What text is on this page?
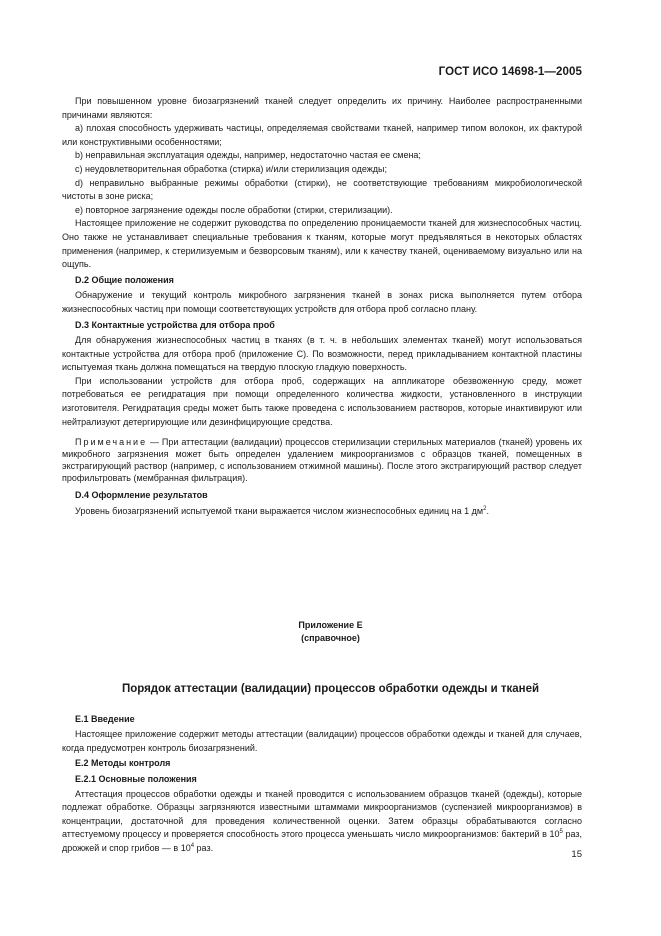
ГОСТ ИСО 14698-1—2005

При повышенном уровне биозагрязнений тканей следует определить их причину. Наиболее распространенными причинами являются:

а) плохая способность удерживать частицы, определяемая свойствами тканей, например типом волокон, их фактурой или конструктивными особенностями;

b) неправильная эксплуатация одежды, например, недостаточно частая ее смена;

c) неудовлетворительная обработка (стирка) и/или стерилизация одежды;

d) неправильно выбранные режимы обработки (стирки), не соответствующие требованиям микробиологической чистоты в зоне риска;

e) повторное загрязнение одежды после обработки (стирки, стерилизации).

Настоящее приложение не содержит руководства по определению проницаемости тканей для жизнеспособных частиц. Оно также не устанавливает специальные требования к тканям, которые могут предъявляться в некоторых областях применения (например, к стерилизуемым и безворсовым тканям), или к качеству тканей, оцениваемому визуально или на ощупь.

D.2 Общие положения

Обнаружение и текущий контроль микробного загрязнения тканей в зонах риска выполняется путем отбора жизнеспособных частиц при помощи соответствующих устройств для отбора проб согласно плану.

D.3 Контактные устройства для отбора проб

Для обнаружения жизнеспособных частиц в тканях (в т. ч. в небольших элементах тканей) могут использоваться контактные устройства для отбора проб (приложение С). По возможности, перед прикладыванием контактной пластины испытуемая ткань должна помещаться на твердую плоскую гладкую поверхность.

При использовании устройств для отбора проб, содержащих на аппликаторе обезвоженную среду, может потребоваться ее регидратация при помощи определенного количества жидкости, установленного в инструкции изготовителя. Регидратация среды может быть также проведена с использованием растворов, которые инактивируют или нейтрализуют детергирующие или дезинфицирующие средства.

Примечание — При аттестации (валидации) процессов стерилизации стерильных материалов (тканей) уровень их микробного загрязнения может быть определен удалением микроорганизмов с образцов тканей, помещенных в экстрагирующий раствор (например, с использованием отжимной машины). После этого экстрагирующий раствор следует профильтровать (мембранная фильтрация).

D.4 Оформление результатов

Уровень биозагрязнений испытуемой ткани выражается числом жизнеспособных единиц на 1 $дм^2$.

Приложение Е
(справочное)
Порядок аттестации (валидации) процессов обработки одежды и тканей
Е.1 Введение

Настоящее приложение содержит методы аттестации (валидации) процессов обработки одежды и тканей для случаев, когда предусмотрен контроль биозагрязнений.

Е.2 Методы контроля
Е.2.1 Основные положения

Аттестация процессов обработки одежды и тканей проводится с использованием образцов тканей (одежды), которые подлежат обработке. Образцы загрязняются известными штаммами микроорганизмов (суспензией микроорганизмов) в концентрации, достаточной для проведения количественной оценки. Затем образцы обрабатываются согласно аттестуемому процессу и проверяется способность этого процесса уменьшать число микроорганизмов: бактерий в $10^5$ раз, дрожжей и спор грибов — в $10^4$ раз.

15
